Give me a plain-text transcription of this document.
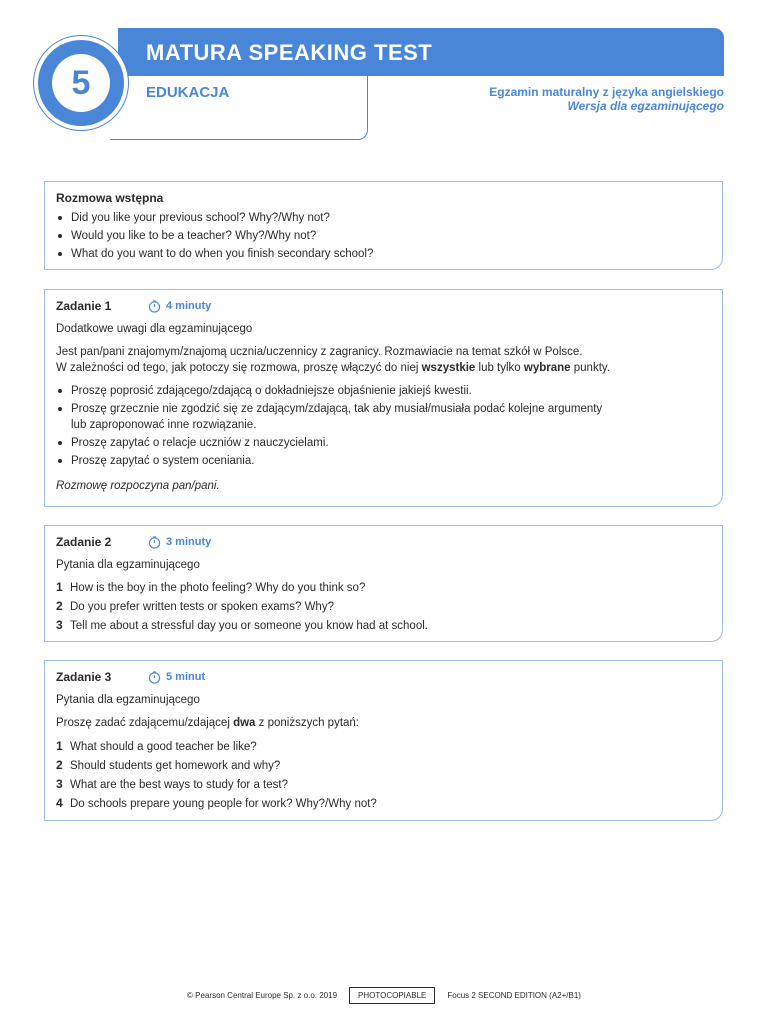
MATURA SPEAKING TEST
5	EDUKACJA	Egzamin maturalny z języka angielskiego
Wersja dla egzaminującego
Rozmowa wstępna
Did you like your previous school? Why?/Why not?
Would you like to be a teacher? Why?/Why not?
What do you want to do when you finish secondary school?
Zadanie 1	4 minuty
Dodatkowe uwagi dla egzaminującego
Jest pan/pani znajomym/znajomą ucznia/uczennicy z zagranicy. Rozmawiacie na temat szkół w Polsce.
W zależności od tego, jak potoczy się rozmowa, proszę włączyć do niej wszystkie lub tylko wybrane punkty.
Proszę poprosić zdającego/zdającą o dokładniejsze objaśnienie jakiejś kwestii.
Proszę grzecznie nie zgodzić się ze zdającym/zdającą, tak aby musiał/musiała podać kolejne argumenty
lub zaproponować inne rozwiązanie.
Proszę zapytać o relacje uczniów z nauczycielami.
Proszę zapytać o system oceniania.
Rozmowę rozpoczyna pan/pani.
Zadanie 2	3 minuty
Pytania dla egzaminującego
1 How is the boy in the photo feeling? Why do you think so?
2 Do you prefer written tests or spoken exams? Why?
3 Tell me about a stressful day you or someone you know had at school.
Zadanie 3	5 minut
Pytania dla egzaminującego
Proszę zadać zdającemu/zdającej dwa z poniższych pytań:
1 What should a good teacher be like?
2 Should students get homework and why?
3 What are the best ways to study for a test?
4 Do schools prepare young people for work? Why?/Why not?
© Pearson Central Europe Sp. z o.o. 2019	PHOTOCOPIABLE	Focus 2 SECOND EDITION (A2+/B1)
